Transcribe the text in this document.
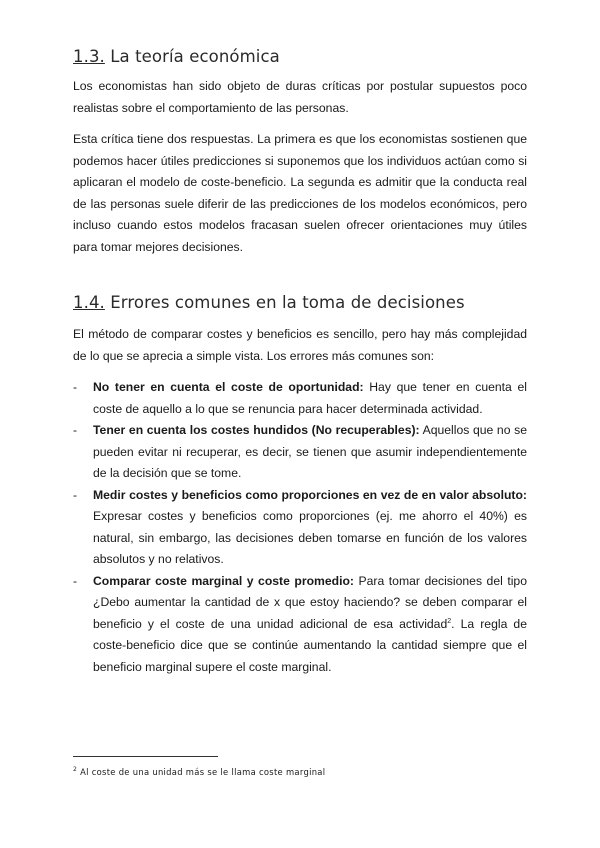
1.3. La teoría económica

Los economistas han sido objeto de duras críticas por postular supuestos poco realistas sobre el comportamiento de las personas.

Esta crítica tiene dos respuestas. La primera es que los economistas sostienen que podemos hacer útiles predicciones si suponemos que los individuos actúan como si aplicaran el modelo de coste-beneficio. La segunda es admitir que la conducta real de las personas suele diferir de las predicciones de los modelos económicos, pero incluso cuando estos modelos fracasan suelen ofrecer orientaciones muy útiles para tomar mejores decisiones.

1.4. Errores comunes en la toma de decisiones

El método de comparar costes y beneficios es sencillo, pero hay más complejidad de lo que se aprecia a simple vista. Los errores más comunes son:

- No tener en cuenta el coste de oportunidad: Hay que tener en cuenta el coste de aquello a lo que se renuncia para hacer determinada actividad.
- Tener en cuenta los costes hundidos (No recuperables): Aquellos que no se pueden evitar ni recuperar, es decir, se tienen que asumir independientemente de la decisión que se tome.
- Medir costes y beneficios como proporciones en vez de en valor absoluto: Expresar costes y beneficios como proporciones (ej. me ahorro el 40%) es natural, sin embargo, las decisiones deben tomarse en función de los valores absolutos y no relativos.
- Comparar coste marginal y coste promedio: Para tomar decisiones del tipo ¿Debo aumentar la cantidad de x que estoy haciendo? se deben comparar el beneficio y el coste de una unidad adicional de esa actividad$^2$. La regla de coste-beneficio dice que se continúe aumentando la cantidad siempre que el beneficio marginal supere el coste marginal.
$^2$ Al coste de una unidad más se le llama coste marginal
